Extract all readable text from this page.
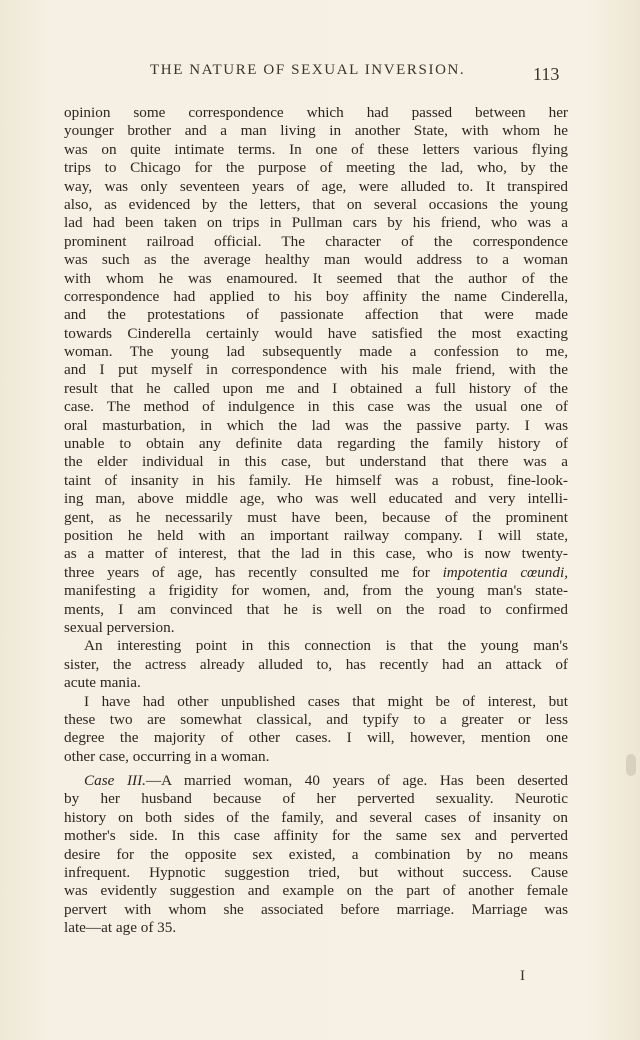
THE NATURE OF SEXUAL INVERSION.	113
opinion some correspondence which had passed between her
younger brother and a man living in another State, with whom he
was on quite intimate terms. In one of these letters various flying
trips to Chicago for the purpose of meeting the lad, who, by the
way, was only seventeen years of age, were alluded to. It transpired
also, as evidenced by the letters, that on several occasions the young
lad had been taken on trips in Pullman cars by his friend, who was a
prominent railroad official. The character of the correspondence
was such as the average healthy man would address to a woman
with whom he was enamoured. It seemed that the author of the
correspondence had applied to his boy affinity the name Cinderella,
and the protestations of passionate affection that were made
towards Cinderella certainly would have satisfied the most exacting
woman. The young lad subsequently made a confession to me,
and I put myself in correspondence with his male friend, with the
result that he called upon me and I obtained a full history of the
case. The method of indulgence in this case was the usual one of
oral masturbation, in which the lad was the passive party. I was
unable to obtain any definite data regarding the family history of
the elder individual in this case, but understand that there was a
taint of insanity in his family. He himself was a robust, fine-look-
ing man, above middle age, who was well educated and very intelli-
gent, as he necessarily must have been, because of the prominent
position he held with an important railway company. I will state,
as a matter of interest, that the lad in this case, who is now twenty-
three years of age, has recently consulted me for impotentia cœundi,
manifesting a frigidity for women, and, from the young man's state-
ments, I am convinced that he is well on the road to confirmed
sexual perversion.
An interesting point in this connection is that the young man's
sister, the actress already alluded to, has recently had an attack of
acute mania.
I have had other unpublished cases that might be of interest, but
these two are somewhat classical, and typify to a greater or less
degree the majority of other cases. I will, however, mention one
other case, occurring in a woman.
Case III.—A married woman, 40 years of age. Has been deserted
by her husband because of her perverted sexuality. Neurotic
history on both sides of the family, and several cases of insanity on
mother's side. In this case affinity for the same sex and perverted
desire for the opposite sex existed, a combination by no means
infrequent. Hypnotic suggestion tried, but without success. Cause
was evidently suggestion and example on the part of another female
pervert with whom she associated before marriage. Marriage was
late—at age of 35.
I
